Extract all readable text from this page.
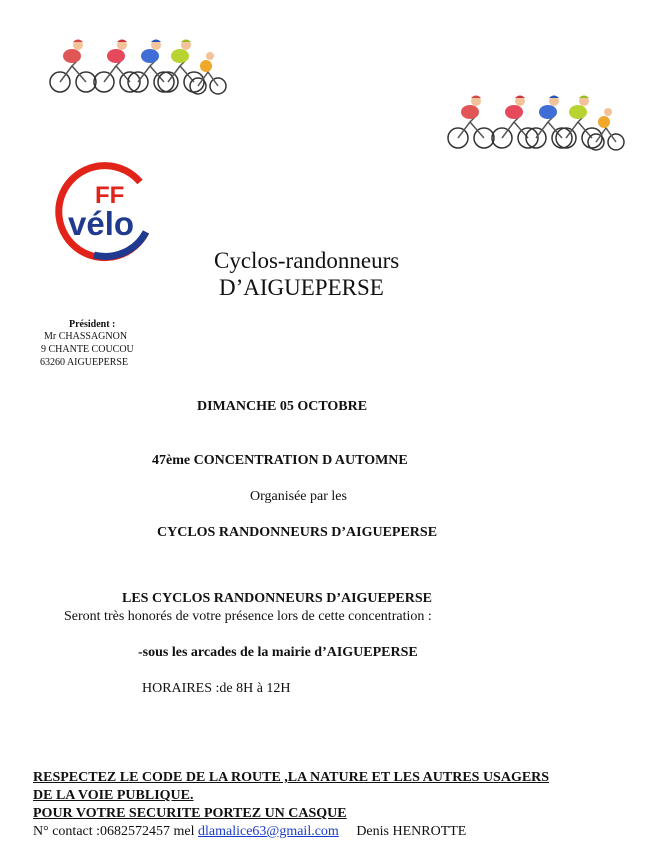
FF
vélo
Cyclos-randonneurs
D’AIGUEPERSE
Président :
Mr CHASSAGNON
9 CHANTE COUCOU
63260 AIGUEPERSE
DIMANCHE 05 OCTOBRE
47ème CONCENTRATION D AUTOMNE
Organisée par les
CYCLOS RANDONNEURS D’AIGUEPERSE
LES CYCLOS RANDONNEURS D’AIGUEPERSE
Seront très honorés de votre présence lors de cette concentration :
-sous les arcades de la mairie d’AIGUEPERSE
HORAIRES :de 8H à 12H
RESPECTEZ LE CODE DE LA ROUTE ,LA NATURE ET LES AUTRES USAGERS
DE LA VOIE PUBLIQUE.
POUR VOTRE SECURITE PORTEZ UN CASQUE
N° contact :0682572457 mel dlamalice63@gmail.com Denis HENROTTE
